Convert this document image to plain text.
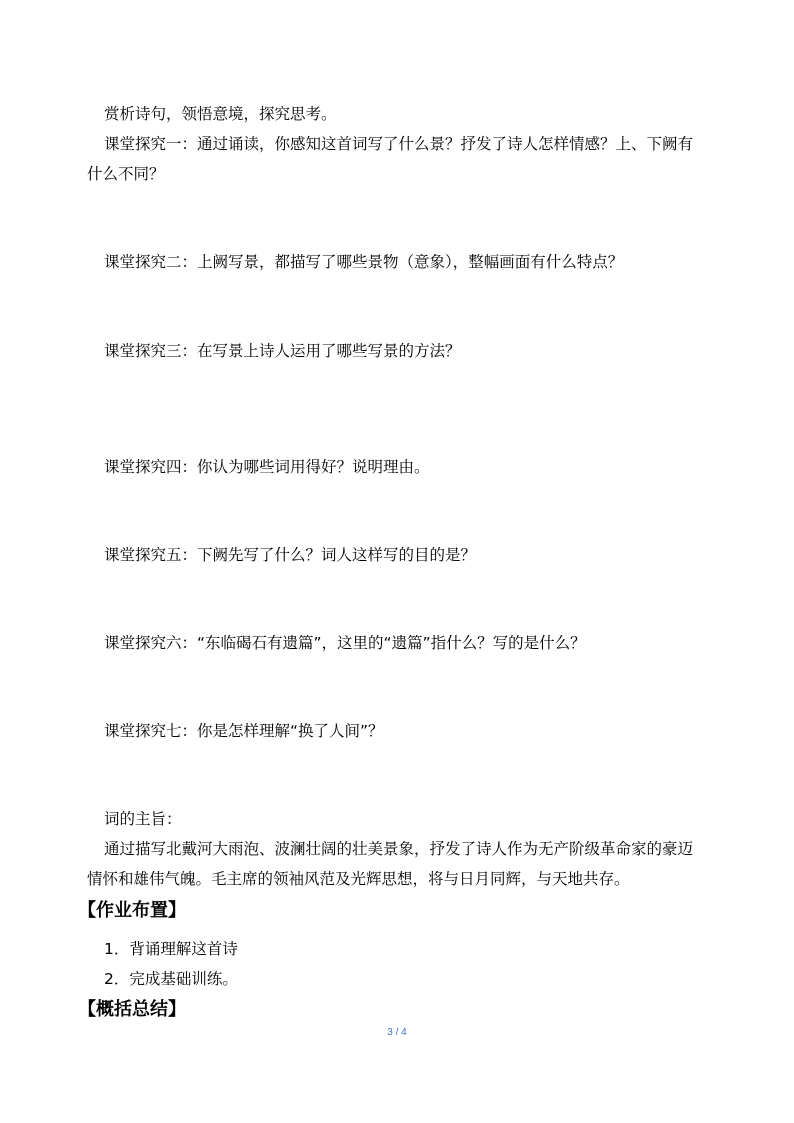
赏析诗句，领悟意境，探究思考。
课堂探究一：通过诵读，你感知这首词写了什么景？抒发了诗人怎样情感？上、下阙有
什么不同？
课堂探究二：上阙写景，都描写了哪些景物（意象），整幅画面有什么特点？
课堂探究三：在写景上诗人运用了哪些写景的方法？
课堂探究四：你认为哪些词用得好？说明理由。
课堂探究五：下阙先写了什么？词人这样写的目的是？
课堂探究六：“东临碣石有遗篇”，这里的“遗篇”指什么？写的是什么？
课堂探究七：你是怎样理解“换了人间”？
词的主旨：
通过描写北戴河大雨泡、波澜壮阔的壮美景象，抒发了诗人作为无产阶级革命家的豪迈
情怀和雄伟气魄。毛主席的领袖风范及光辉思想，将与日月同辉，与天地共存。
【作业布置】
1．背诵理解这首诗
2．完成基础训练。
【概括总结】
3 / 4
